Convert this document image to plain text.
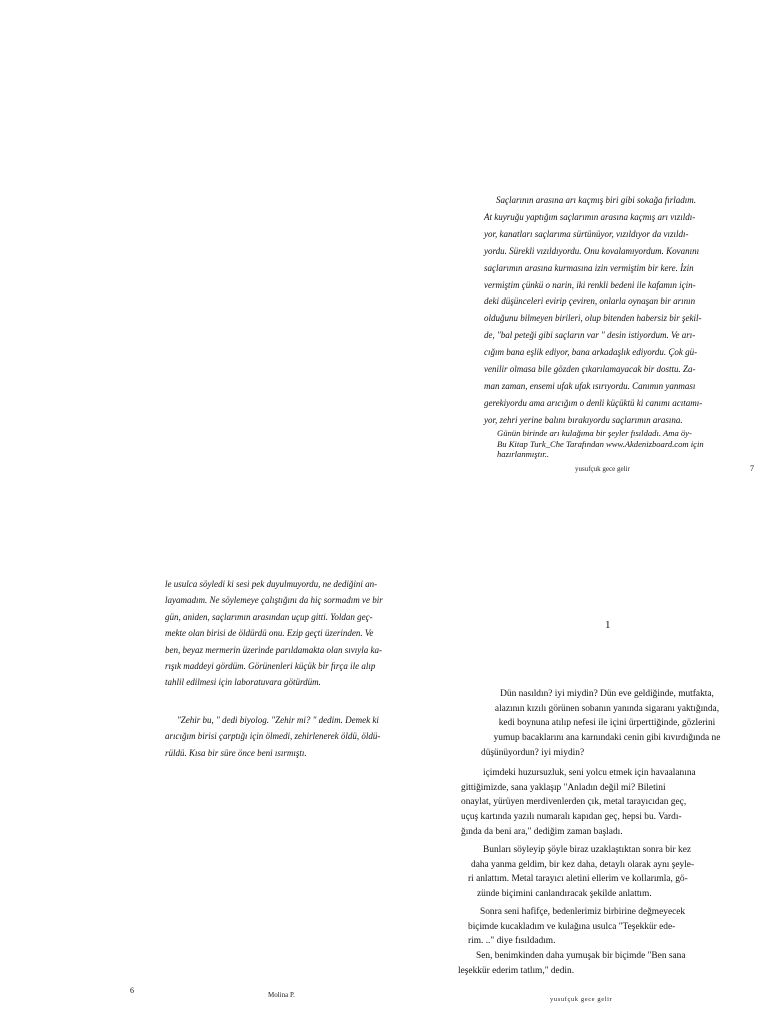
Saçlarının arasına arı kaçmış biri gibi sokağa fırladım.
At kuyruğu yaptığım saçlarımın arasına kaçmış arı vızıldı-
yor, kanatları saçlarıma sürtünüyor, vızıldıyor da vızıldı-
yordu. Sürekli vızıldıyordu. Onu kovalamıyordum. Kovanını
saçlarımın arasına kurmasına izin vermiştim bir kere. İzin
vermiştim çünkü o narin, iki renkli bedeni ile kafamın için-
deki düşünceleri evirip çeviren, onlarla oynaşan bir arının
olduğunu bilmeyen birileri, olup bitenden habersiz bir şekil-
de, "bal peteği gibi saçların var " desin istiyordum. Ve arı-
cığım bana eşlik ediyor, bana arkadaşlık ediyordu. Çok gü-
venilir olmasa bile gözden çıkarılamayacak bir dosttu. Za-
man zaman, ensemi ufak ufak ısırıyordu. Canımın yanması
gerekiyordu ama arıcığım o denli küçüktü ki canımı acıtamı-
yor, zehri yerine balını bırakıyordu saçlarımın arasına.
Günün birinde arı kulağıma bir şeyler fısıldadı. Ama öy-
Bu Kitap Turk_Che Tarafından www.Akdenizboard.com için
hazırlanmıştır..
yusufçuk gece gelir	7
le usulca söyledi ki sesi pek duyulmuyordu, ne dediğini an-
layamadım. Ne söylemeye çalıştığını da hiç sormadım ve bir
gün, aniden, saçlarımın arasından uçup gitti. Yoldan geç-
mekte olan birisi de öldürdü onu. Ezip geçti üzerinden. Ve
ben, beyaz mermerin üzerinde parıldamakta olan sıvıyla ka-
rışık maddeyi gördüm. Görünenleri küçük bir fırça ile alıp
tahlil edilmesi için laboratuvara götürdüm.
"Zehir bu, " dedi biyolog. "Zehir mi? " dedim. Demek ki
arıcığım birisi çarptığı için ölmedi, zehirlenerek öldü, öldü-
rüldü. Kısa bir süre önce beni ısırmıştı.
6	Molina P.
1
Dün nasıldın? iyi miydin? Dün eve geldiğinde, mutfakta,
alazının kızılı görünen sobanın yanında sigaranı yaktığında,
kedi boynuna atılıp nefesi ile içini ürperttiğinde, gözlerini
yumup bacaklarını ana karnındaki cenin gibi kıvırdığında ne
düşünüyordun? iyi miydin?
içimdeki huzursuzluk, seni yolcu etmek için havaalanına
gittiğimizde, sana yaklaşıp "Anladın değil mi? Biletini
onaylat, yürüyen merdivenlerden çık, metal tarayıcıdan geç,
uçuş kartında yazılı numaralı kapıdan geç, hepsi bu. Vardı-
ğında da beni ara," dediğim zaman başladı.
Bunları söyleyip şöyle biraz uzaklaştıktan sonra bir kez
daha yanma geldim, bir kez daha, detaylı olarak aynı şeyle-
ri anlattım. Metal tarayıcı aletini ellerim ve kollarımla, gö-
zünde biçimini canlandıracak şekilde anlattım.
Sonra seni hafifçe, bedenlerimiz birbirine değmeyecek
biçimde kucakladım ve kulağına usulca "Teşekkür ede-
rim. .." diye fısıldadım.
Sen, benimkinden daha yumuşak bir biçimde "Ben sana
leşekkür ederim tatlım," dedin.
yusufçuk gece gelir
